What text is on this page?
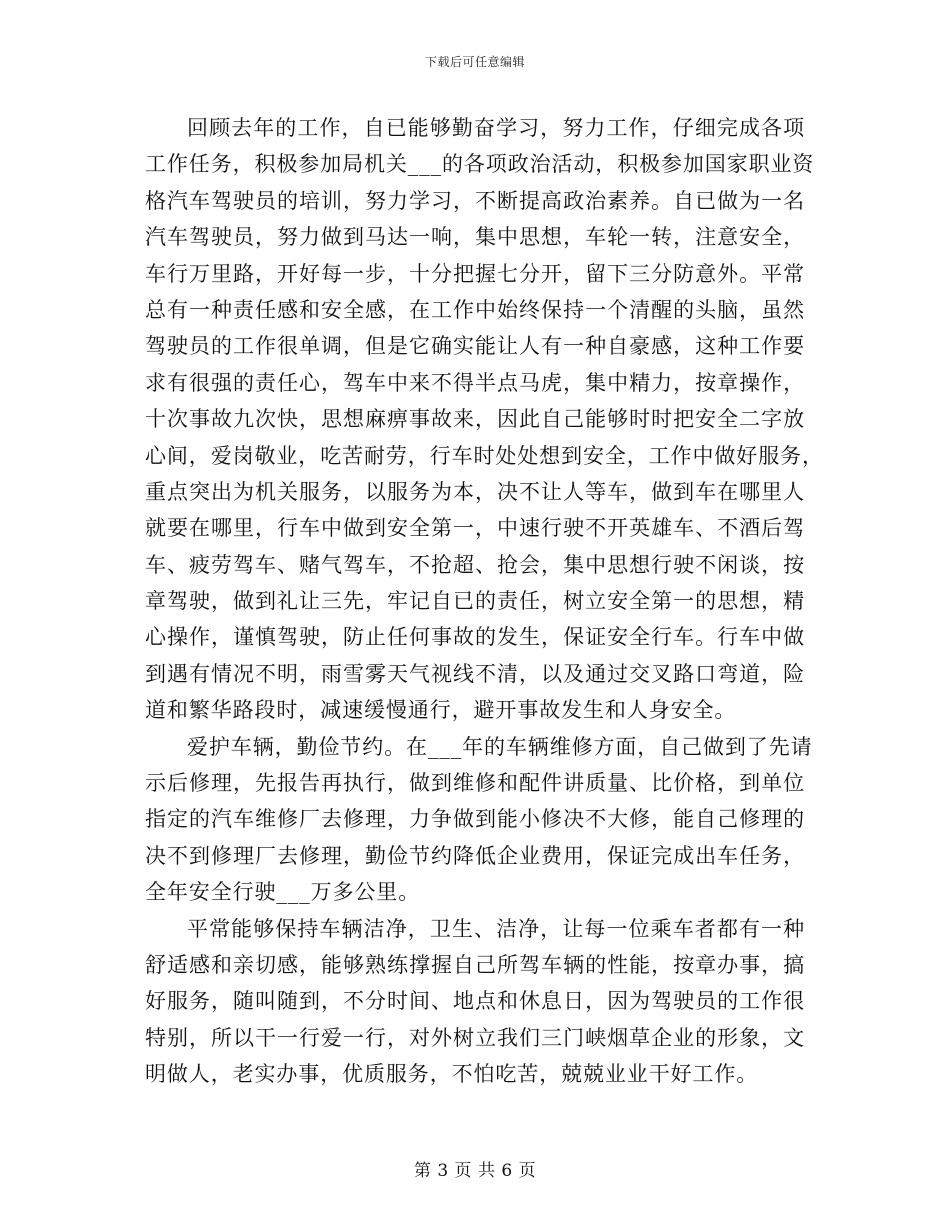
下载后可任意编辑
回顾去年的工作，自已能够勤奋学习，努力工作，仔细完成各项
工作任务，积极参加局机关___的各项政治活动，积极参加国家职业资
格汽车驾驶员的培训，努力学习，不断提高政治素养。自已做为一名
汽车驾驶员，努力做到马达一响，集中思想，车轮一转，注意安全，
车行万里路，开好每一步，十分把握七分开，留下三分防意外。平常
总有一种责任感和安全感，在工作中始终保持一个清醒的头脑，虽然
驾驶员的工作很单调，但是它确实能让人有一种自豪感，这种工作要
求有很强的责任心，驾车中来不得半点马虎，集中精力，按章操作，
十次事故九次快，思想麻痹事故来，因此自己能够时时把安全二字放
心间，爱岗敬业，吃苦耐劳，行车时处处想到安全，工作中做好服务，
重点突出为机关服务，以服务为本，决不让人等车，做到车在哪里人
就要在哪里，行车中做到安全第一，中速行驶不开英雄车、不酒后驾
车、疲劳驾车、赌气驾车，不抢超、抢会，集中思想行驶不闲谈，按
章驾驶，做到礼让三先，牢记自已的责任，树立安全第一的思想，精
心操作，谨慎驾驶，防止任何事故的发生，保证安全行车。行车中做
到遇有情况不明，雨雪雾天气视线不清，以及通过交叉路口弯道，险
道和繁华路段时，减速缓慢通行，避开事故发生和人身安全。
爱护车辆，勤俭节约。在___年的车辆维修方面，自己做到了先请
示后修理，先报告再执行，做到维修和配件讲质量、比价格，到单位
指定的汽车维修厂去修理，力争做到能小修决不大修，能自己修理的
决不到修理厂去修理，勤俭节约降低企业费用，保证完成出车任务，
全年安全行驶___万多公里。
平常能够保持车辆洁净，卫生、洁净，让每一位乘车者都有一种
舒适感和亲切感，能够熟练撑握自己所驾车辆的性能，按章办事，搞
好服务，随叫随到，不分时间、地点和休息日，因为驾驶员的工作很
特别，所以干一行爱一行，对外树立我们三门峡烟草企业的形象，文
明做人，老实办事，优质服务，不怕吃苦，兢兢业业干好工作。
第 3 页 共 6 页
